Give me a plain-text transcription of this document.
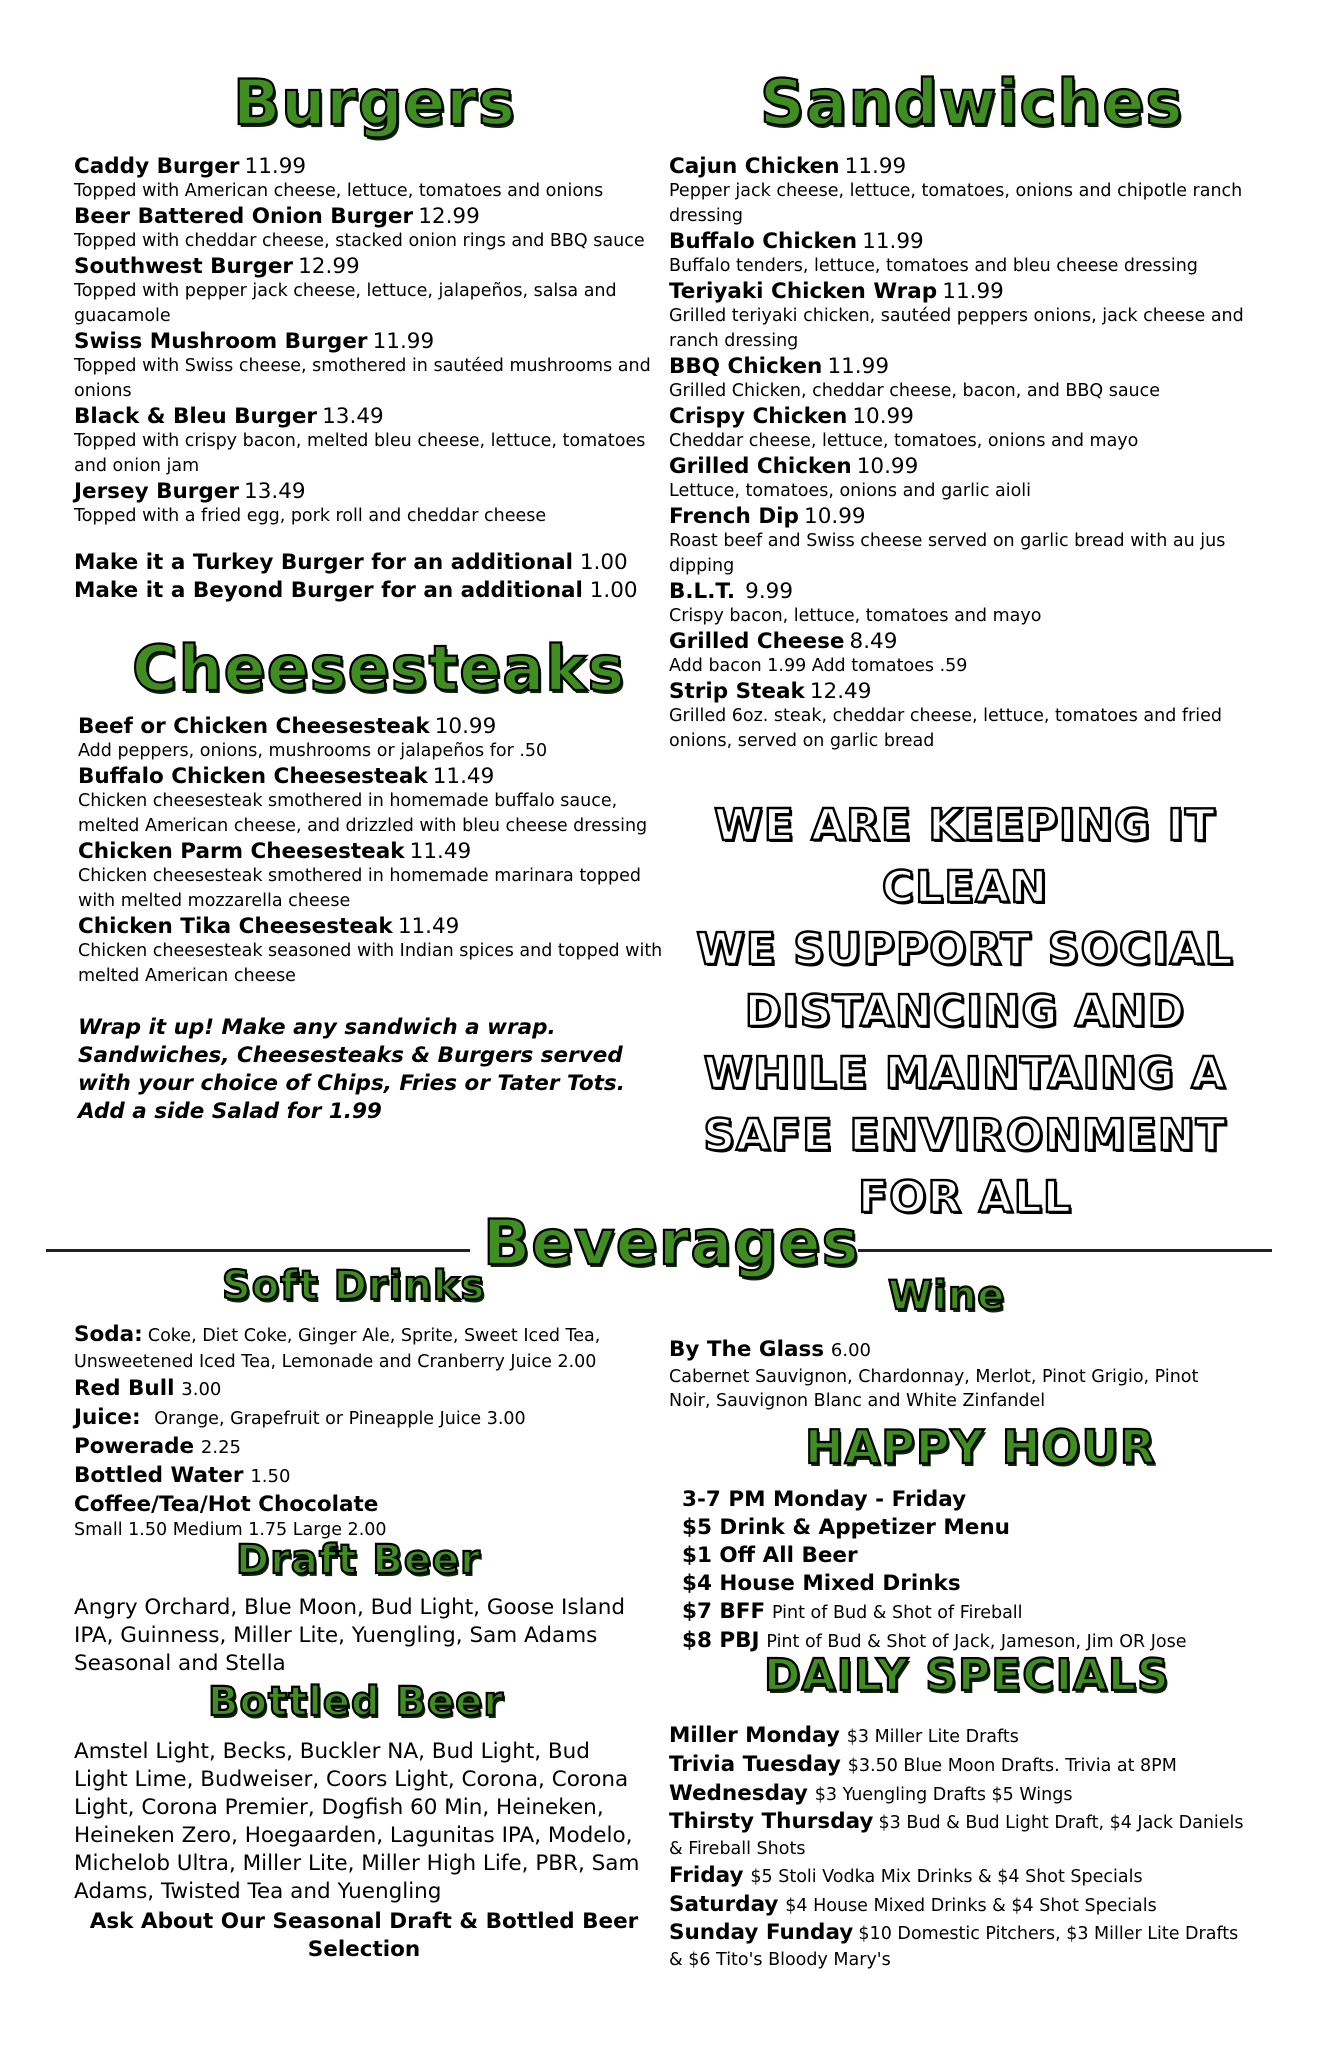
Burgers
Caddy Burger 11.99
Topped with American cheese, lettuce, tomatoes and onions
Beer Battered Onion Burger 12.99
Topped with cheddar cheese, stacked onion rings and BBQ sauce
Southwest Burger 12.99
Topped with pepper jack cheese, lettuce, jalapeños, salsa and guacamole
Swiss Mushroom Burger 11.99
Topped with Swiss cheese, smothered in sautéed mushrooms and onions
Black & Bleu Burger 13.49
Topped with crispy bacon, melted bleu cheese, lettuce, tomatoes and onion jam
Jersey Burger 13.49
Topped with a fried egg, pork roll and cheddar cheese
Make it a Turkey Burger for an additional 1.00
Make it a Beyond Burger for an additional 1.00
Cheesesteaks
Beef or Chicken Cheesesteak 10.99
Add peppers, onions, mushrooms or jalapeños for .50
Buffalo Chicken Cheesesteak 11.49
Chicken cheesesteak smothered in homemade buffalo sauce, melted American cheese, and drizzled with bleu cheese dressing
Chicken Parm Cheesesteak 11.49
Chicken cheesesteak smothered in homemade marinara topped with melted mozzarella cheese
Chicken Tika Cheesesteak 11.49
Chicken cheesesteak seasoned with Indian spices and topped with melted American cheese
Wrap it up! Make any sandwich a wrap.
Sandwiches, Cheesesteaks & Burgers served
with your choice of Chips, Fries or Tater Tots.
Add a side Salad for 1.99
Sandwiches
Cajun Chicken 11.99
Pepper jack cheese, lettuce, tomatoes, onions and chipotle ranch dressing
Buffalo Chicken 11.99
Buffalo tenders, lettuce, tomatoes and bleu cheese dressing
Teriyaki Chicken Wrap 11.99
Grilled teriyaki chicken, sautéed peppers onions, jack cheese and ranch dressing
BBQ Chicken 11.99
Grilled Chicken, cheddar cheese, bacon, and BBQ sauce
Crispy Chicken 10.99
Cheddar cheese, lettuce, tomatoes, onions and mayo
Grilled Chicken 10.99
Lettuce, tomatoes, onions and garlic aioli
French Dip 10.99
Roast beef and Swiss cheese served on garlic bread with au jus dipping
B.L.T. 9.99
Crispy bacon, lettuce, tomatoes and mayo
Grilled Cheese 8.49
Add bacon 1.99 Add tomatoes .59
Strip Steak 12.49
Grilled 6oz. steak, cheddar cheese, lettuce, tomatoes and fried onions, served on garlic bread
WE ARE KEEPING IT
CLEAN
WE SUPPORT SOCIAL
DISTANCING AND
WHILE MAINTAING A
SAFE ENVIRONMENT
FOR ALL
Beverages
Soft Drinks
Soda: Coke, Diet Coke, Ginger Ale, Sprite, Sweet Iced Tea, Unsweetened Iced Tea, Lemonade and Cranberry Juice 2.00
Red Bull 3.00
Juice: Orange, Grapefruit or Pineapple Juice 3.00
Powerade 2.25
Bottled Water 1.50
Coffee/Tea/Hot Chocolate
Small 1.50 Medium 1.75 Large 2.00
Draft Beer
Angry Orchard, Blue Moon, Bud Light, Goose Island IPA, Guinness, Miller Lite, Yuengling, Sam Adams Seasonal and Stella
Bottled Beer
Amstel Light, Becks, Buckler NA, Bud Light, Bud Light Lime, Budweiser, Coors Light, Corona, Corona Light, Corona Premier, Dogfish 60 Min, Heineken, Heineken Zero, Hoegaarden, Lagunitas IPA, Modelo, Michelob Ultra, Miller Lite, Miller High Life, PBR, Sam Adams, Twisted Tea and Yuengling
Ask About Our Seasonal Draft & Bottled Beer Selection
Wine
By The Glass 6.00
Cabernet Sauvignon, Chardonnay, Merlot, Pinot Grigio, Pinot Noir, Sauvignon Blanc and White Zinfandel
HAPPY HOUR
3-7 PM Monday - Friday
$5 Drink & Appetizer Menu
$1 Off All Beer
$4 House Mixed Drinks
$7 BFF Pint of Bud & Shot of Fireball
$8 PBJ Pint of Bud & Shot of Jack, Jameson, Jim OR Jose
DAILY SPECIALS
Miller Monday $3 Miller Lite Drafts
Trivia Tuesday $3.50 Blue Moon Drafts. Trivia at 8PM
Wednesday $3 Yuengling Drafts $5 Wings
Thirsty Thursday $3 Bud & Bud Light Draft, $4 Jack Daniels & Fireball Shots
Friday $5 Stoli Vodka Mix Drinks & $4 Shot Specials
Saturday $4 House Mixed Drinks & $4 Shot Specials
Sunday Funday $10 Domestic Pitchers, $3 Miller Lite Drafts & $6 Tito's Bloody Mary's
